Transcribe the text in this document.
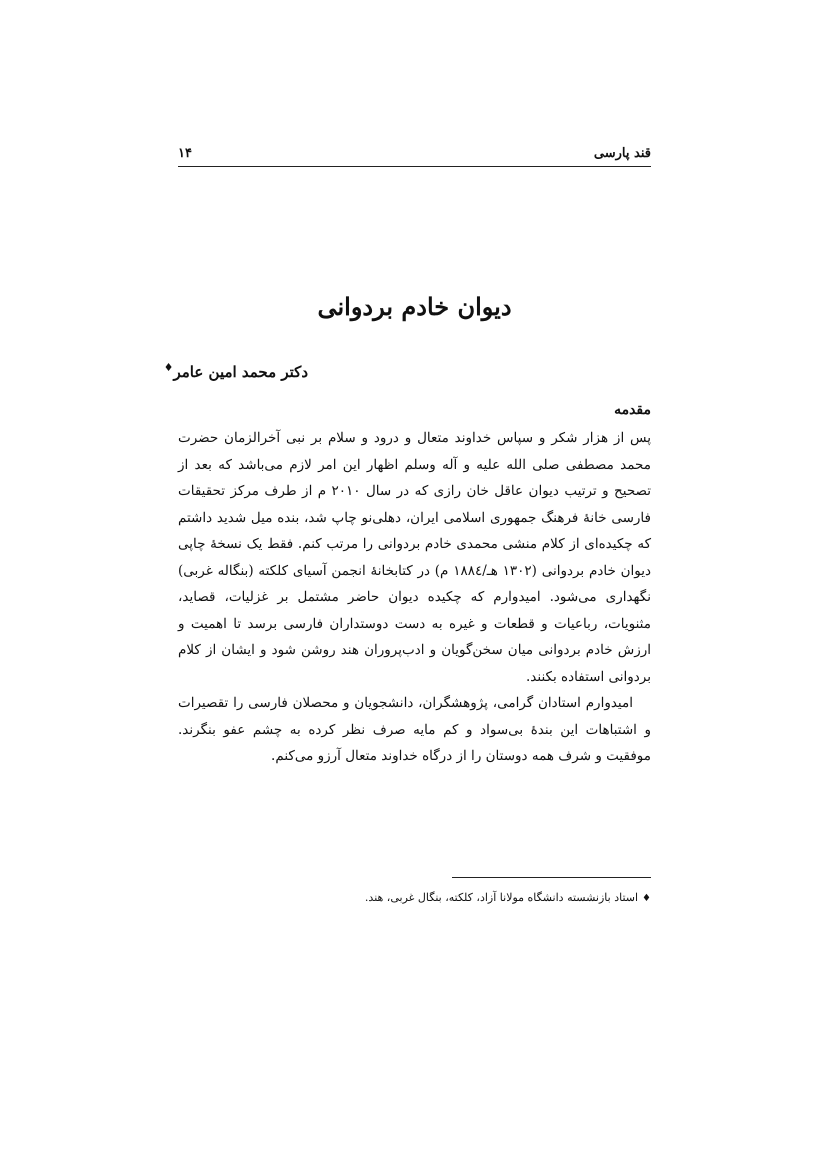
قند پارسی
۱۴
دیوان خادم بردوانی
دکتر محمد امین عامر♦
مقدمه

پس از هزار شکر و سپاس خداوند متعال و درود و سلام بر نبی آخرالزمان حضرت محمد مصطفی صلی الله علیه و آله وسلم اظهار این امر لازم می‌باشد که بعد از تصحیح و ترتیب دیوان عاقل خان رازی که در سال ۲۰۱۰ م از طرف مرکز تحقیقات فارسی خانهٔ فرهنگ جمهوری اسلامی ایران، دهلی‌نو چاپ شد، بنده میل شدید داشتم که چکیده‌ای از کلام منشی محمدی خادم بردوانی را مرتب کنم. فقط یک نسخهٔ چاپی دیوان خادم بردوانی (۱۳۰۲ هـ/۱۸۸٤ م) در کتابخانهٔ انجمن آسیای کلکته (بنگاله غربی) نگهداری می‌شود. امیدوارم که چکیده دیوان حاضر مشتمل بر غزلیات، قصاید، مثنویات، رباعیات و قطعات و غیره به دست دوستداران فارسی برسد تا اهمیت و ارزش خادم بردوانی میان سخن‌گویان و ادب‌پروران هند روشن شود و ایشان از کلام بردوانی استفاده بکنند.

امیدوارم استادان گرامی، پژوهشگران، دانشجویان و محصلان فارسی را تقصیرات و اشتباهات این بندهٔ بی‌سواد و کم مایه صرف نظر کرده به چشم عفو بنگرند. موفقیت و شرف همه دوستان را از درگاه خداوند متعال آرزو می‌کنم.

♦استاد بازنشسته دانشگاه مولانا آزاد، کلکته، بنگال غربی، هند.
